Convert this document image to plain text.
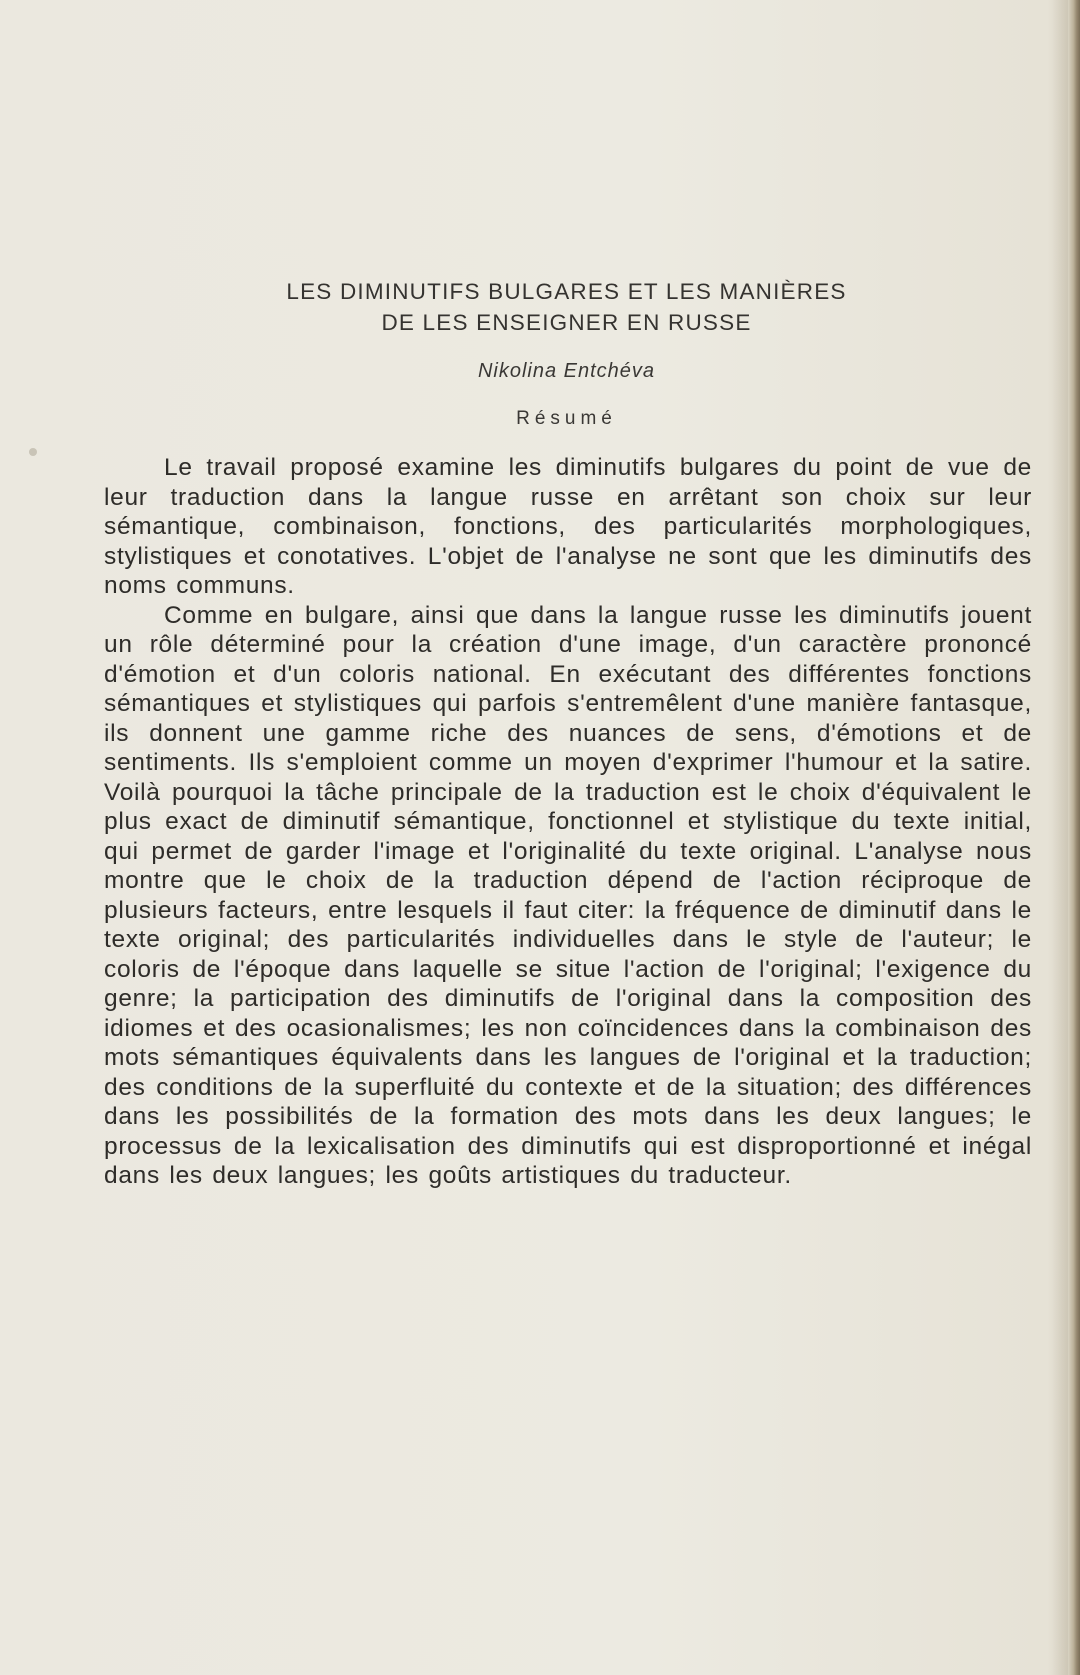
LES DIMINUTIFS BULGARES ET LES MANIÈRES
DE LES ENSEIGNER EN RUSSE
Nikolina Entchéva
Résumé

Le travail proposé examine les diminutifs bulgares du point de vue de leur traduction dans la langue russe en arrêtant son choix sur leur sémantique, combinaison, fonctions, des particularités morphologiques, stylistiques et conotatives. L'objet de l'analyse ne sont que les diminutifs des noms communs.

Comme en bulgare, ainsi que dans la langue russe les diminutifs jouent un rôle déterminé pour la création d'une image, d'un caractère prononcé d'émotion et d'un coloris national. En exécutant des différentes fonctions sémantiques et stylistiques qui parfois s'entremêlent d'une manière fantasque, ils donnent une gamme riche des nuances de sens, d'émotions et de sentiments. Ils s'emploient comme un moyen d'exprimer l'humour et la satire. Voilà pourquoi la tâche principale de la traduction est le choix d'équivalent le plus exact de diminutif sémantique, fonctionnel et stylistique du texte initial, qui permet de garder l'image et l'originalité du texte original. L'analyse nous montre que le choix de la traduction dépend de l'action réciproque de plusieurs facteurs, entre lesquels il faut citer: la fréquence de diminutif dans le texte original; des particularités individuelles dans le style de l'auteur; le coloris de l'époque dans laquelle se situe l'action de l'original; l'exigence du genre; la participation des diminutifs de l'original dans la composition des idiomes et des ocasionalismes; les non coïncidences dans la combinaison des mots sémantiques équivalents dans les langues de l'original et la traduction; des conditions de la superfluité du contexte et de la situation; des différences dans les possibilités de la formation des mots dans les deux langues; le processus de la lexicalisation des diminutifs qui est disproportionné et inégal dans les deux langues; les goûts artistiques du traducteur.
